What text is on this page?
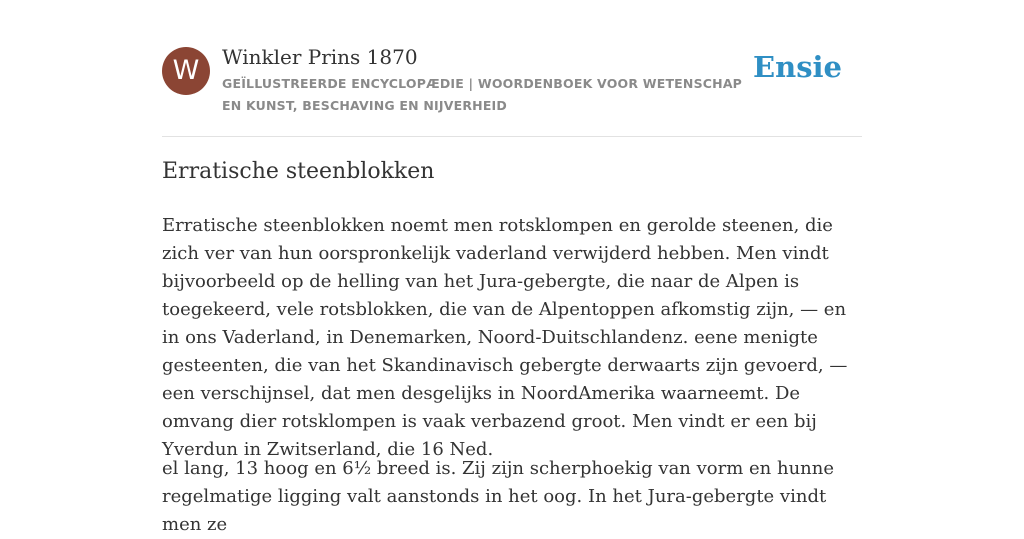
W	Winkler Prins 1870
GEÏLLUSTREERDE ENCYCLOPÆDIE | WOORDENBOEK VOOR WETENSCHAP EN KUNST, BESCHAVING EN NIJVERHEID
Ensie
Erratische steenblokken

Erratische steenblokken noemt men rotsklompen en gerolde steenen, die zich ver van hun oorspronkelijk vaderland verwijderd hebben. Men vindt bijvoorbeeld op de helling van het Jura-gebergte, die naar de Alpen is toegekeerd, vele rotsblokken, die van de Alpentoppen afkomstig zijn, — en in ons Vaderland, in Denemarken, Noord-Duitschlandenz. eene menigte gesteenten, die van het Skandinavisch gebergte derwaarts zijn gevoerd, — een verschijnsel, dat men desgelijks in NoordAmerika waarneemt. De omvang dier rotsklompen is vaak verbazend groot. Men vindt er een bij Yverdun in Zwitserland, die 16 Ned.

el lang, 13 hoog en 6½ breed is. Zij zijn scherphoekig van vorm en hunne regelmatige ligging valt aanstonds in het oog. In het Jura-gebergte vindt men ze
